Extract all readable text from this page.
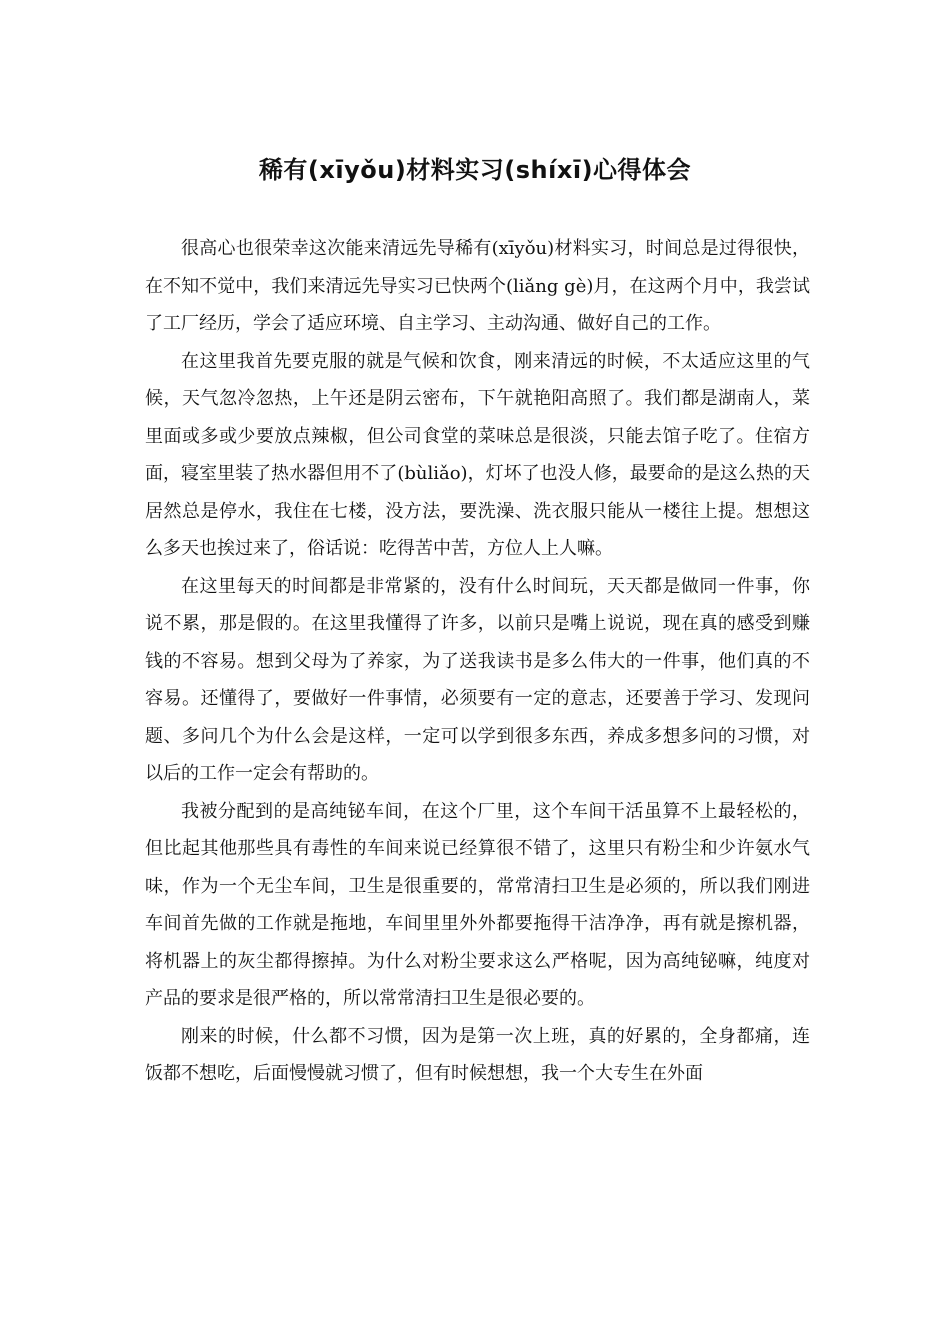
稀有(xīyǒu)材料实习(shíxī)心得体会

很高心也很荣幸这次能来清远先导稀有(xīyǒu)材料实习，时间总是过得很快，在不知不觉中，我们来清远先导实习已快两个(liǎng gè)月，在这两个月中，我尝试了工厂经历，学会了适应环境、自主学习、主动沟通、做好自己的工作。

在这里我首先要克服的就是气候和饮食，刚来清远的时候，不太适应这里的气候，天气忽冷忽热，上午还是阴云密布，下午就艳阳高照了。我们都是湖南人，菜里面或多或少要放点辣椒，但公司食堂的菜味总是很淡，只能去馆子吃了。住宿方面，寝室里装了热水器但用不了(bùliǎo)，灯坏了也没人修，最要命的是这么热的天居然总是停水，我住在七楼，没方法，要洗澡、洗衣服只能从一楼往上提。想想这么多天也挨过来了，俗话说：吃得苦中苦，方位人上人嘛。

在这里每天的时间都是非常紧的，没有什么时间玩，天天都是做同一件事，你说不累，那是假的。在这里我懂得了许多，以前只是嘴上说说，现在真的感受到赚钱的不容易。想到父母为了养家，为了送我读书是多么伟大的一件事，他们真的不容易。还懂得了，要做好一件事情，必须要有一定的意志，还要善于学习、发现问题、多问几个为什么会是这样，一定可以学到很多东西，养成多想多问的习惯，对以后的工作一定会有帮助的。

我被分配到的是高纯铋车间，在这个厂里，这个车间干活虽算不上最轻松的，但比起其他那些具有毒性的车间来说已经算很不错了，这里只有粉尘和少许氨水气味，作为一个无尘车间，卫生是很重要的，常常清扫卫生是必须的，所以我们刚进车间首先做的工作就是拖地，车间里里外外都要拖得干洁净净，再有就是擦机器，将机器上的灰尘都得擦掉。为什么对粉尘要求这么严格呢，因为高纯铋嘛，纯度对产品的要求是很严格的，所以常常清扫卫生是很必要的。

刚来的时候，什么都不习惯，因为是第一次上班，真的好累的，全身都痛，连饭都不想吃，后面慢慢就习惯了，但有时候想想，我一个大专生在外面
